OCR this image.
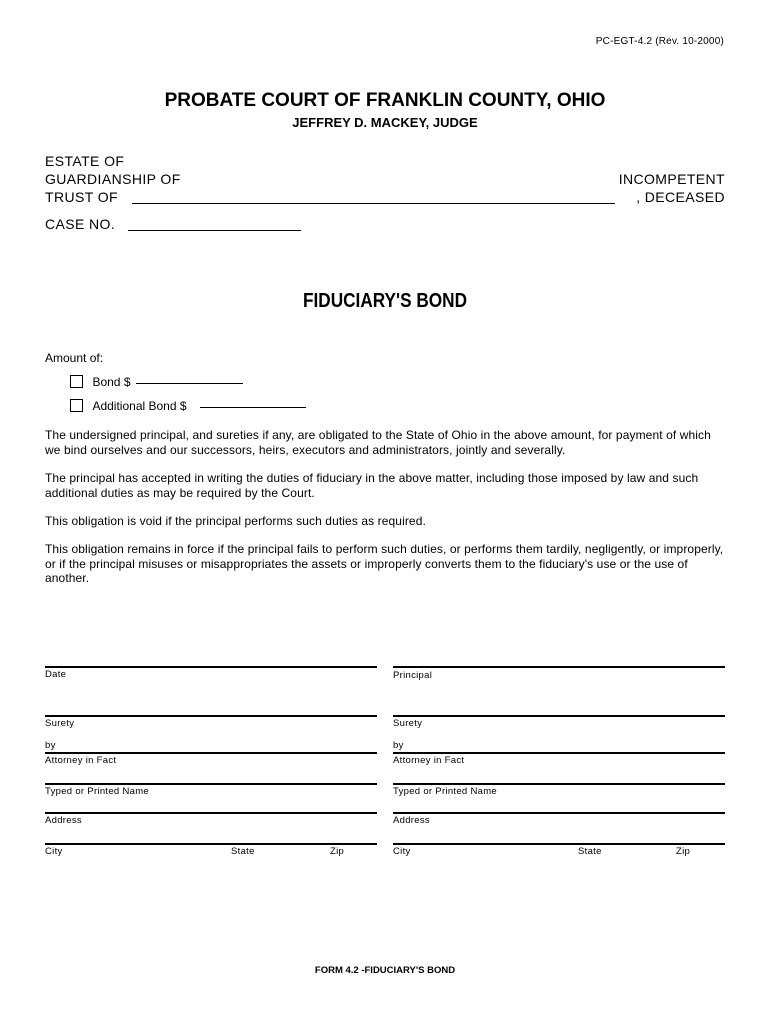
PC-EGT-4.2 (Rev. 10-2000)
PROBATE COURT OF FRANKLIN COUNTY, OHIO
JEFFREY D. MACKEY, JUDGE
ESTATE OF
GUARDIANSHIP OF
TRUST OF
INCOMPETENT
, DECEASED
CASE NO.
FIDUCIARY'S BOND
Amount of:
Bond $
Additional Bond $
The undersigned principal, and sureties if any, are obligated to the State of Ohio in the above amount, for payment of which we bind ourselves and our successors, heirs, executors and administrators, jointly and severally.
The principal has accepted in writing the duties of fiduciary in the above matter, including those imposed by law and such additional duties as may be required by the Court.
This obligation is void if the principal performs such duties as required.
This obligation remains in force if the principal fails to perform such duties, or performs them tardily, negligently, or improperly, or if the principal misuses or misappropriates the assets or improperly converts them to the fiduciary's use or the use of another.
Date
Surety
by
Attorney in Fact
Typed or Printed Name
Address
City	State	Zip
Principal
Surety
by
Attorney in Fact
Typed or Printed Name
Address
City	State	Zip
FORM 4.2 -FIDUCIARY'S BOND
